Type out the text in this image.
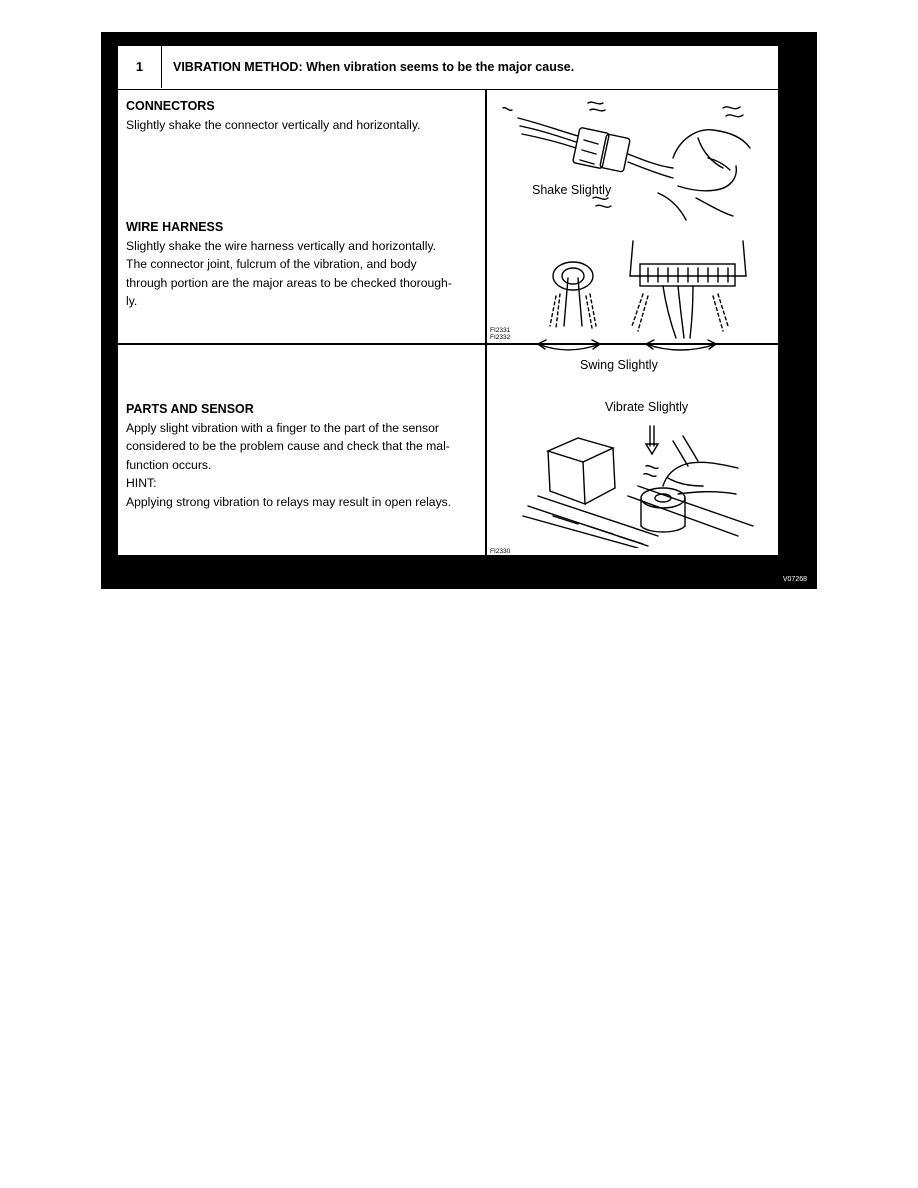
1	VIBRATION METHOD: When vibration seems to be the major cause.
CONNECTORS
Slightly shake the connector vertically and horizontally.
WIRE HARNESS
Slightly shake the wire harness vertically and horizontally.
The connector joint, fulcrum of the vibration, and body
through portion are the major areas to be checked thorough-
ly.
PARTS AND SENSOR
Apply slight vibration with a finger to the part of the sensor
considered to be the problem cause and check that the mal-
function occurs.
HINT:
Applying strong vibration to relays may result in open relays.
Shake Slightly
Swing Slightly
FI2331
FI2332
Vibrate Slightly
FI2330
V07268
